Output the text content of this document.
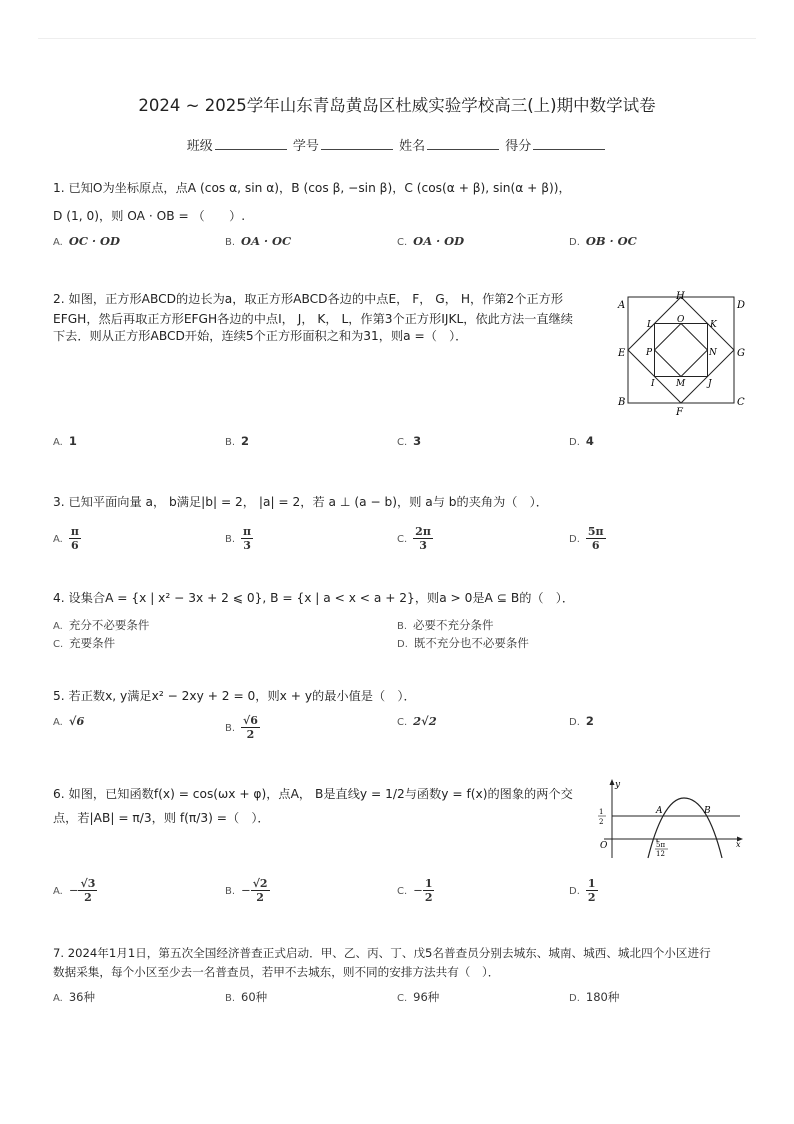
2024 ~ 2025学年山东青岛黄岛区杜威实验学校高三(上)期中数学试卷
班级	学号	姓名	得分
1. 已知O为坐标原点，点A (cos α, sin α)，B (cos β, −sin β)，C (cos(α + β), sin(α + β))，
D (1, 0)，则 OA · OB = （　　）.
A. OC · OD	B. OA · OC	C. OA · OD	D. OB · OC
2. 如图，正方形ABCD的边长为a，取正方形ABCD各边的中点E， F， G， H，作第2个正方形
EFGH，然后再取正方形EFGH各边的中点I， J， K， L，作第3个正方形IJKL，依此方法一直继续
下去．则从正方形ABCD开始，连续5个正方形面积之和为31，则a =（　）．
A
H
D
L	O	K
E P	N G
I M	J
B
F
C
A. 1	B. 2	C. 3	D. 4
3. 已知平面向量 a， b满足|b| = 2， |a| = 2，若 a ⊥ (a − b)，则 a与 b的夹角为（　）．
A. $\frac{\pi}{6}$	B. $\frac{\pi}{3}$	C. $\frac{2\pi}{3}$	D. $\frac{5\pi}{6}$
4. 设集合A = {x | x² − 3x + 2 ⩽ 0}, B = {x | a < x < a + 2}，则a > 0是A ⊆ B的（　）．
A. 充分不必要条件	B. 必要不充分条件
C. 充要条件	D. 既不充分也不必要条件
5. 若正数x, y满足x² − 2xy + 2 = 0，则x + y的最小值是（　）．
A. √6
B. $\frac{√6}{2}$	C. 2√2	D. 2
6. 如图，已知函数f(x) = cos(ωx + φ)，点A， B是直线y = 1/2与函数y = f(x)的图象的两个交
点，若|AB| = π/3，则 f(π/3) =（　）．
y
1
2
A	B
O	5π
12
x
A. − $\frac{√3}{2}$	B. − $\frac{√2}{2}$	C. − $\frac{1}{2}$	D. $\frac{1}{2}$
7. 2024年1月1日，第五次全国经济普查正式启动．甲、乙、丙、丁、戊5名普查员分别去城东、城南、城西、城北四个小区进行
数据采集，每个小区至少去一名普查员，若甲不去城东，则不同的安排方法共有（　）．
A. 36种	B. 60种	C. 96种	D. 180种
